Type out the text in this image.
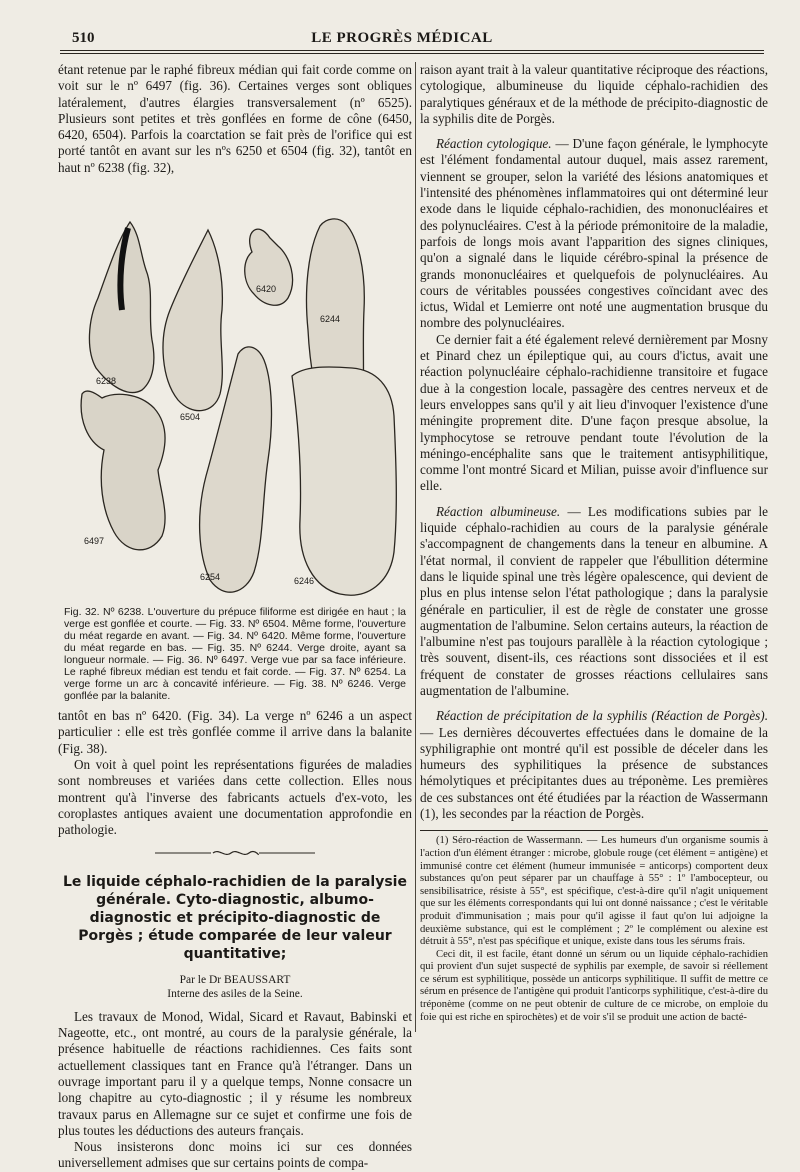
510	LE PROGRÈS MÉDICAL

étant retenue par le raphé fibreux médian qui fait corde comme on voit sur le nº 6497 (fig. 36). Certaines verges sont obliques latéralement, d'autres élargies transversalement (nº 6525). Plusieurs sont petites et très gonflées en forme de cône (6450, 6420, 6504). Parfois la coarctation se fait près de l'orifice qui est porté tantôt en avant sur les nºs 6250 et 6504 (fig. 32), tantôt en haut nº 6238 (fig. 32),

6238
6504
6420
6244
6497
6254	6246

Fig. 32. Nº 6238. L'ouverture du prépuce filiforme est dirigée en haut ; la verge est gonflée et courte. — Fig. 33. Nº 6504. Même forme, l'ouverture du méat regarde en avant. — Fig. 34. Nº 6420. Même forme, l'ouverture du méat regarde en bas. — Fig. 35. Nº 6244. Verge droite, ayant sa longueur normale. — Fig. 36. Nº 6497. Verge vue par sa face inférieure. Le raphé fibreux médian est tendu et fait corde. — Fig. 37. Nº 6254. La verge forme un arc à concavité inférieure. — Fig. 38. Nº 6246. Verge gonflée par la balanite.

tantôt en bas nº 6420. (Fig. 34). La verge nº 6246 a un aspect particulier : elle est très gonflée comme il arrive dans la balanite (Fig. 38).

On voit à quel point les représentations figurées de maladies sont nombreuses et variées dans cette collection. Elles nous montrent qu'à l'inverse des fabricants actuels d'ex-voto, les coroplastes antiques avaient une documentation approfondie en pathologie.

Le liquide céphalo-rachidien de la paralysie générale. Cyto-diagnostic, albumo-diagnostic et précipito-diagnostic de Porgès ; étude comparée de leur valeur quantitative;

Par le Dr BEAUSSART

Interne des asiles de la Seine.

Les travaux de Monod, Widal, Sicard et Ravaut, Babinski et Nageotte, etc., ont montré, au cours de la paralysie générale, la présence habituelle de réactions rachidiennes. Ces faits sont actuellement classiques tant en France qu'à l'étranger. Dans un ouvrage important paru il y a quelque temps, Nonne consacre un long chapitre au cyto-diagnostic ; il y résume les nombreux travaux parus en Allemagne sur ce sujet et confirme une fois de plus toutes les déductions des auteurs français.

Nous insisterons donc moins ici sur ces données universellement admises que sur certains points de compa-

raison ayant trait à la valeur quantitative réciproque des réactions, cytologique, albumineuse du liquide céphalo-rachidien des paralytiques généraux et de la méthode de précipito-diagnostic de la syphilis dite de Porgès.

Réaction cytologique. — D'une façon générale, le lymphocyte est l'élément fondamental autour duquel, mais assez rarement, viennent se grouper, selon la variété des lésions anatomiques et l'intensité des phénomènes inflammatoires qui ont déterminé leur exode dans le liquide céphalo-rachidien, des mononucléaires et des polynucléaires. C'est à la période prémonitoire de la maladie, parfois de longs mois avant l'apparition des signes cliniques, qu'on a signalé dans le liquide cérébro-spinal la présence de grands mononucléaires et quelquefois de polynucléaires. Au cours de véritables poussées congestives coïncidant avec des ictus, Widal et Lemierre ont noté une augmentation brusque du nombre des polynucléaires.

Ce dernier fait a été également relevé dernièrement par Mosny et Pinard chez un épileptique qui, au cours d'ictus, avait une réaction polynucléaire céphalo-rachidienne transitoire et fugace due à la congestion locale, passagère des centres nerveux et de leurs enveloppes sans qu'il y ait lieu d'invoquer l'existence d'une méningite proprement dite. D'une façon presque absolue, la lymphocytose se retrouve pendant toute l'évolution de la méningo-encéphalite sans que le traitement antisyphilitique, comme l'ont montré Sicard et Milian, puisse avoir d'influence sur elle.

Réaction albumineuse. — Les modifications subies par le liquide céphalo-rachidien au cours de la paralysie générale s'accompagnent de changements dans la teneur en albumine. A l'état normal, il convient de rappeler que l'ébullition détermine dans le liquide spinal une très légère opalescence, qui devient de plus en plus intense selon l'état pathologique ; dans la paralysie générale en particulier, il est de règle de constater une grosse augmentation de l'albumine. Selon certains auteurs, la réaction de l'albumine n'est pas toujours parallèle à la réaction cytologique ; très souvent, disent-ils, ces réactions sont dissociées et il est fréquent de constater de grosses réactions cellulaires sans augmentation de l'albumine.

Réaction de précipitation de la syphilis (Réaction de Porgès). — Les dernières découvertes effectuées dans le domaine de la syphiligraphie ont montré qu'il est possible de déceler dans les humeurs des syphilitiques la présence de substances hémolytiques et précipitantes dues au tréponème. Les premières de ces substances ont été étudiées par la réaction de Wassermann (1), les secondes par la réaction de Porgès.

(1) Séro-réaction de Wassermann. — Les humeurs d'un organisme soumis à l'action d'un élément étranger : microbe, globule rouge (cet élément = antigène) et immunisé contre cet élément (humeur immunisée = anticorps) comportent deux substances qu'on peut séparer par un chauffage à 55° : 1º l'ambocepteur, ou sensibilisatrice, résiste à 55°, est spécifique, c'est-à-dire qu'il n'agit uniquement que sur les éléments correspondants qui lui ont donné naissance ; c'est le véritable produit d'immunisation ; mais pour qu'il agisse il faut qu'on lui adjoigne la deuxième substance, qui est le complément ; 2º le complément ou alexine est détruit à 55°, n'est pas spécifique et unique, existe dans tous les sérums frais.

Ceci dit, il est facile, étant donné un sérum ou un liquide céphalo-rachidien qui provient d'un sujet suspecté de syphilis par exemple, de savoir si réellement ce sérum est syphilitique, possède un anticorps syphilitique. Il suffit de mettre ce sérum en présence de l'antigène qui produit l'anticorps syphilitique, c'est-à-dire du tréponème (comme on ne peut obtenir de culture de ce microbe, on emploie du foie qui est riche en spirochètes) et de voir s'il se produit une action de bacté-
